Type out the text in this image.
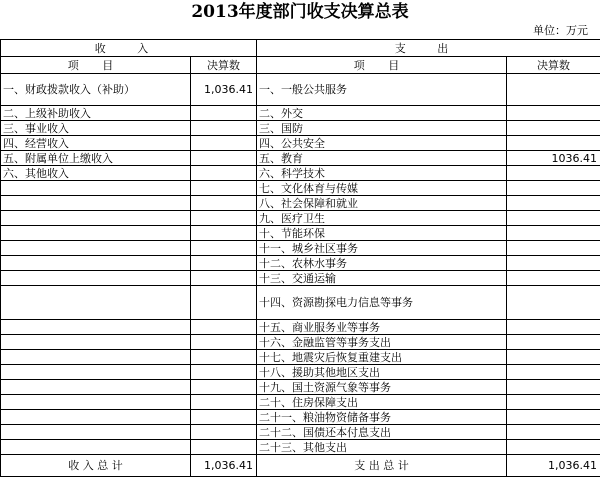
2013年度部门收支决算总表
单位：万元
收 入		支 出	
项 目	决算数	项 目	决算数
一、财政拨款收入（补助）	1,036.41	一、一般公共服务	
二、上级补助收入		二、外交	
三、事业收入		三、国防	
四、经营收入		四、公共安全	
五、附属单位上缴收入		五、教育	1036.41
六、其他收入		六、科学技术	
		七、文化体育与传媒	
		八、社会保障和就业	
		九、医疗卫生	
		十、节能环保	
		十一、城乡社区事务	
		十二、农林水事务	
		十三、交通运输	
		十四、资源勘探电力信息等事务	
		十五、商业服务业等事务	
		十六、金融监管等事务支出	
		十七、地震灾后恢复重建支出	
		十八、援助其他地区支出	
		十九、国土资源气象等事务	
		二十、住房保障支出	
		二十一、粮油物资储备事务	
		二十二、国债还本付息支出	
		二十三、其他支出	
收 入 总 计	1,036.41	支 出 总 计	1,036.41
